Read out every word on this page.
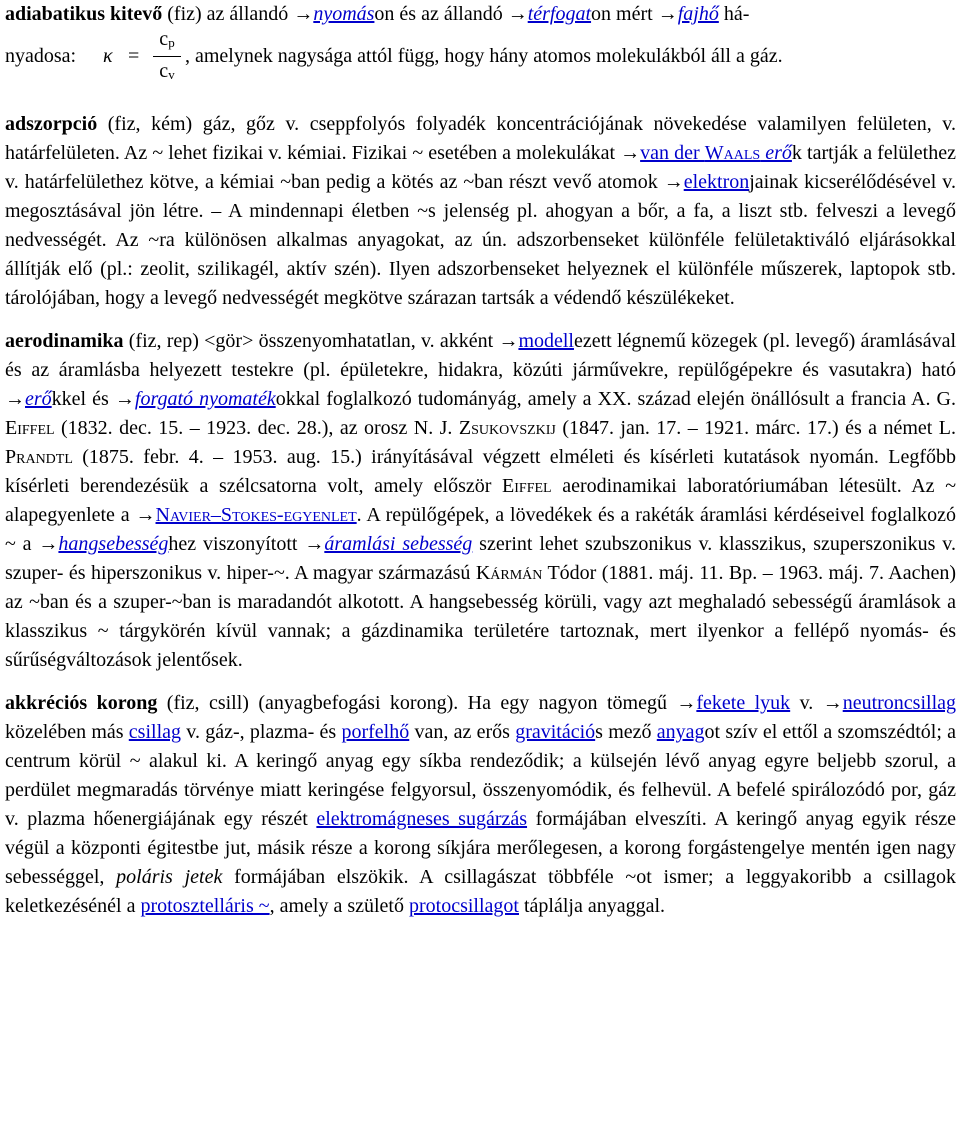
adiabatikus kitevő (fiz) az állandó →nyomáson és az állandó →térfogaton mért →fajhő há-

nyadosa: κ =
$c_p$
$c_v$
, amelynek nagysága attól függ, hogy hány atomos molekulákból áll a gáz.

adszorpció (fiz, kém) gáz, gőz v. cseppfolyós folyadék koncentrációjának növekedése valamilyen felületen, v. határfelületen. Az ~ lehet fizikai v. kémiai. Fizikai ~ esetében a molekulákat →van der Waals erők tartják a felülethez v. határfelülethez kötve, a kémiai ~ban pedig a kötés az ~ban részt vevő atomok →elektronjainak kicserélődésével v. megosztásával jön létre. – A mindennapi életben ~s jelenség pl. ahogyan a bőr, a fa, a liszt stb. felveszi a levegő nedvességét. Az ~ra különösen alkalmas anyagokat, az ún. adszorbenseket különféle felületaktiváló eljárásokkal állítják elő (pl.: zeolit, szilikagél, aktív szén). Ilyen adszorbenseket helyeznek el különféle műszerek, laptopok stb. tárolójában, hogy a levegő nedvességét megkötve szárazan tartsák a védendő készülékeket.

aerodinamika (fiz, rep) <gör> összenyomhatatlan, v. akként →modellezett légnemű közegek (pl. levegő) áramlásával és az áramlásba helyezett testekre (pl. épületekre, hidakra, közúti járművekre, repülőgépekre és vasutakra) ható →erőkkel és →forgató nyomatékokkal foglalkozó tudományág, amely a XX. század elején önállósult a francia A. G. Eiffel (1832. dec. 15. – 1923. dec. 28.), az orosz N. J. Zsukovszkij (1847. jan. 17. – 1921. márc. 17.) és a német L. Prandtl (1875. febr. 4. – 1953. aug. 15.) irányításával végzett elméleti és kísérleti kutatások nyomán. Legfőbb kísérleti berendezésük a szélcsatorna volt, amely először Eiffel aerodinamikai laboratóriumában létesült. Az ~ alapegyenlete a →Navier–Stokes-egyenlet. A repülőgépek, a lövedékek és a rakéták áramlási kérdéseivel foglalkozó ~ a →hangsebességhez viszonyított →áramlási sebesség szerint lehet szubszonikus v. klasszikus, szuperszonikus v. szuper- és hiperszonikus v. hiper-~. A magyar származású Kármán Tódor (1881. máj. 11. Bp. – 1963. máj. 7. Aachen) az ~ban és a szuper-~ban is maradandót alkotott. A hangsebesség körüli, vagy azt meghaladó sebességű áramlások a klasszikus ~ tárgykörén kívül vannak; a gázdinamika területére tartoznak, mert ilyenkor a fellépő nyomás- és sűrűségváltozások jelentősek.

akkréciós korong (fiz, csill) (anyagbefogási korong). Ha egy nagyon tömegű →fekete lyuk v. →neutroncsillag közelében más csillag v. gáz-, plazma- és porfelhő van, az erős gravitációs mező anyagot szív el ettől a szomszédtól; a centrum körül ~ alakul ki. A keringő anyag egy síkba rendeződik; a külsején lévő anyag egyre beljebb szorul, a perdület megmaradás törvénye miatt keringése felgyorsul, összenyomódik, és felhevül. A befelé spirálozódó por, gáz v. plazma hőenergiájának egy részét elektromágneses sugárzás formájában elveszíti. A keringő anyag egyik része végül a központi égitestbe jut, másik része a korong síkjára merőlegesen, a korong forgástengelye mentén igen nagy sebességgel, poláris jetek formájában elszökik. A csillagászat többféle ~ot ismer; a leggyakoribb a csillagok keletkezésénél a protosztelláris ~, amely a születő protocsillagot táplálja anyaggal.
